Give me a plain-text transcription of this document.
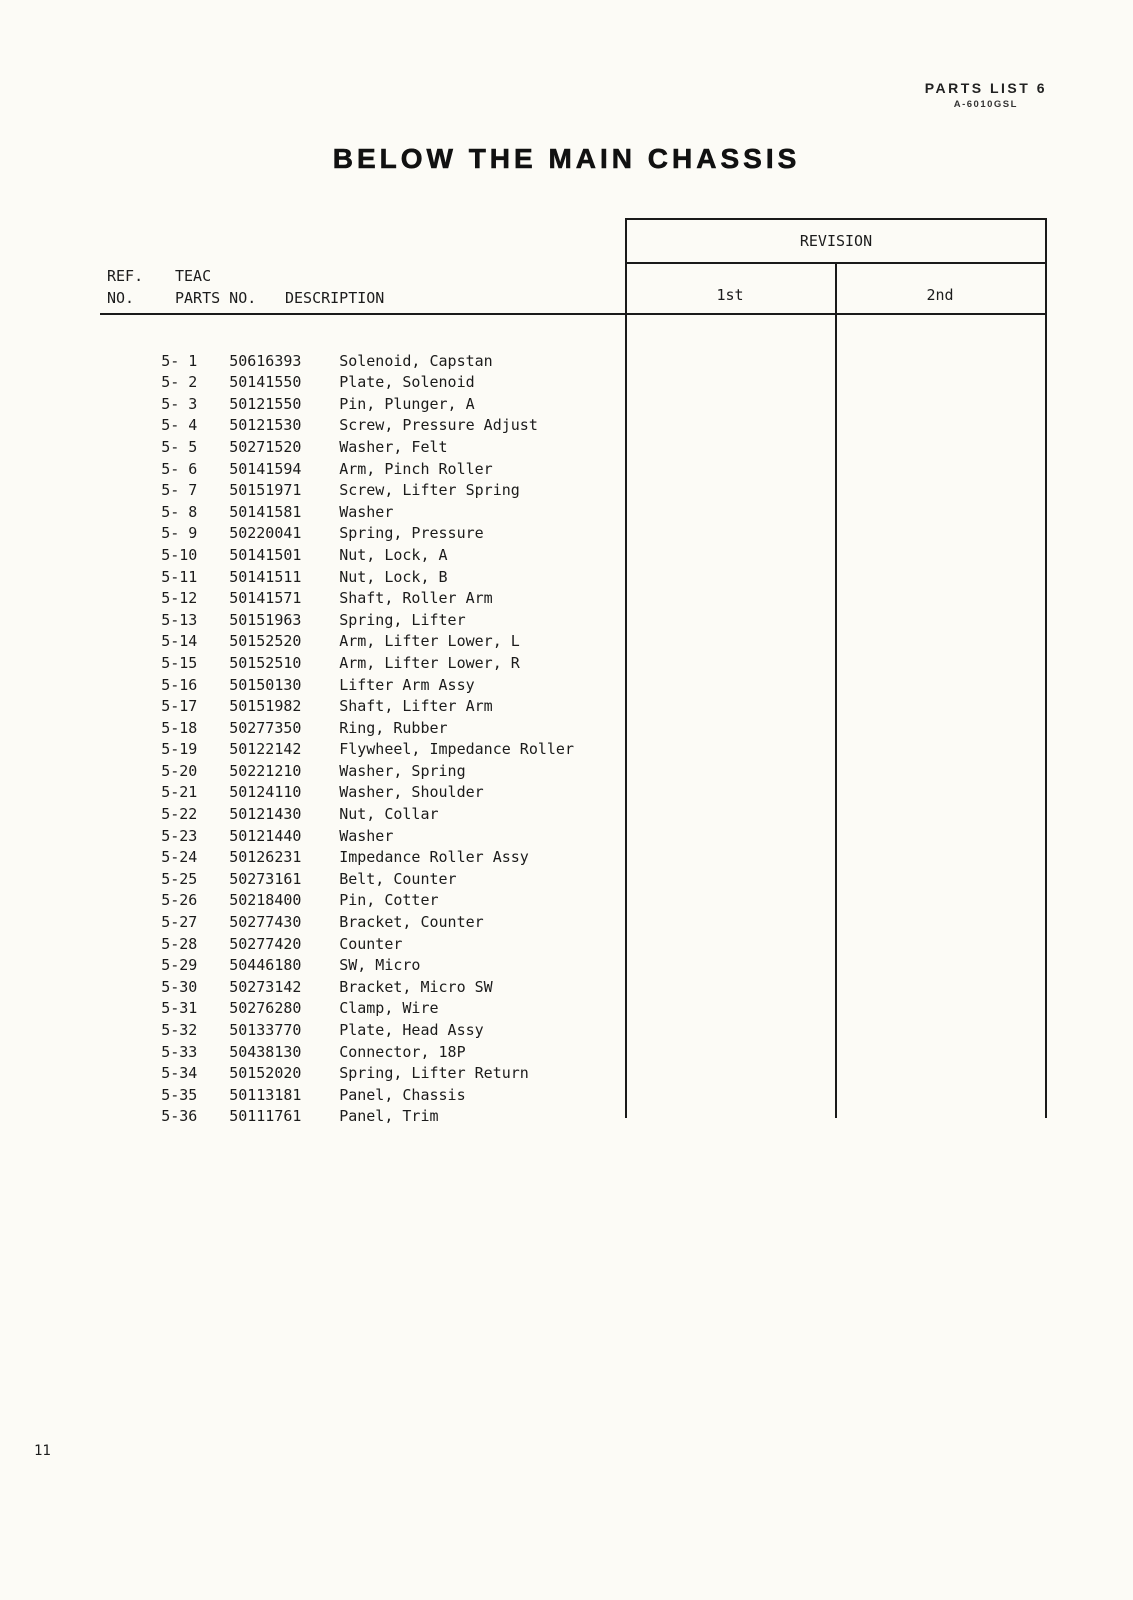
PARTS LIST 6
A-6010GSL
BELOW THE MAIN CHASSIS
REVISION
1st	2nd
REF.
NO.
TEAC
PARTS NO. DESCRIPTION

5- 1 50616393	Solenoid, Capstan

5- 2 50141550	Plate, Solenoid

5- 3 50121550	Pin, Plunger, A

5- 4 50121530	Screw, Pressure Adjust

5- 5 50271520	Washer, Felt

5- 6 50141594	Arm, Pinch Roller

5- 7 50151971	Screw, Lifter Spring

5- 8 50141581	Washer

5- 9 50220041	Spring, Pressure

5-10 50141501	Nut, Lock, A

5-11 50141511	Nut, Lock, B

5-12 50141571	Shaft, Roller Arm

5-13 50151963	Spring, Lifter

5-14 50152520	Arm, Lifter Lower, L

5-15 50152510	Arm, Lifter Lower, R

5-16 50150130	Lifter Arm Assy

5-17 50151982	Shaft, Lifter Arm

5-18 50277350	Ring, Rubber

5-19 50122142	Flywheel, Impedance Roller

5-20 50221210	Washer, Spring

5-21 50124110	Washer, Shoulder

5-22 50121430	Nut, Collar

5-23 50121440	Washer

5-24 50126231	Impedance Roller Assy

5-25 50273161	Belt, Counter

5-26 50218400	Pin, Cotter

5-27 50277430	Bracket, Counter

5-28 50277420	Counter

5-29 50446180	SW, Micro

5-30 50273142	Bracket, Micro SW

5-31 50276280	Clamp, Wire

5-32 50133770	Plate, Head Assy

5-33 50438130	Connector, 18P

5-34 50152020	Spring, Lifter Return

5-35 50113181	Panel, Chassis

5-36 50111761	Panel, Trim

11
